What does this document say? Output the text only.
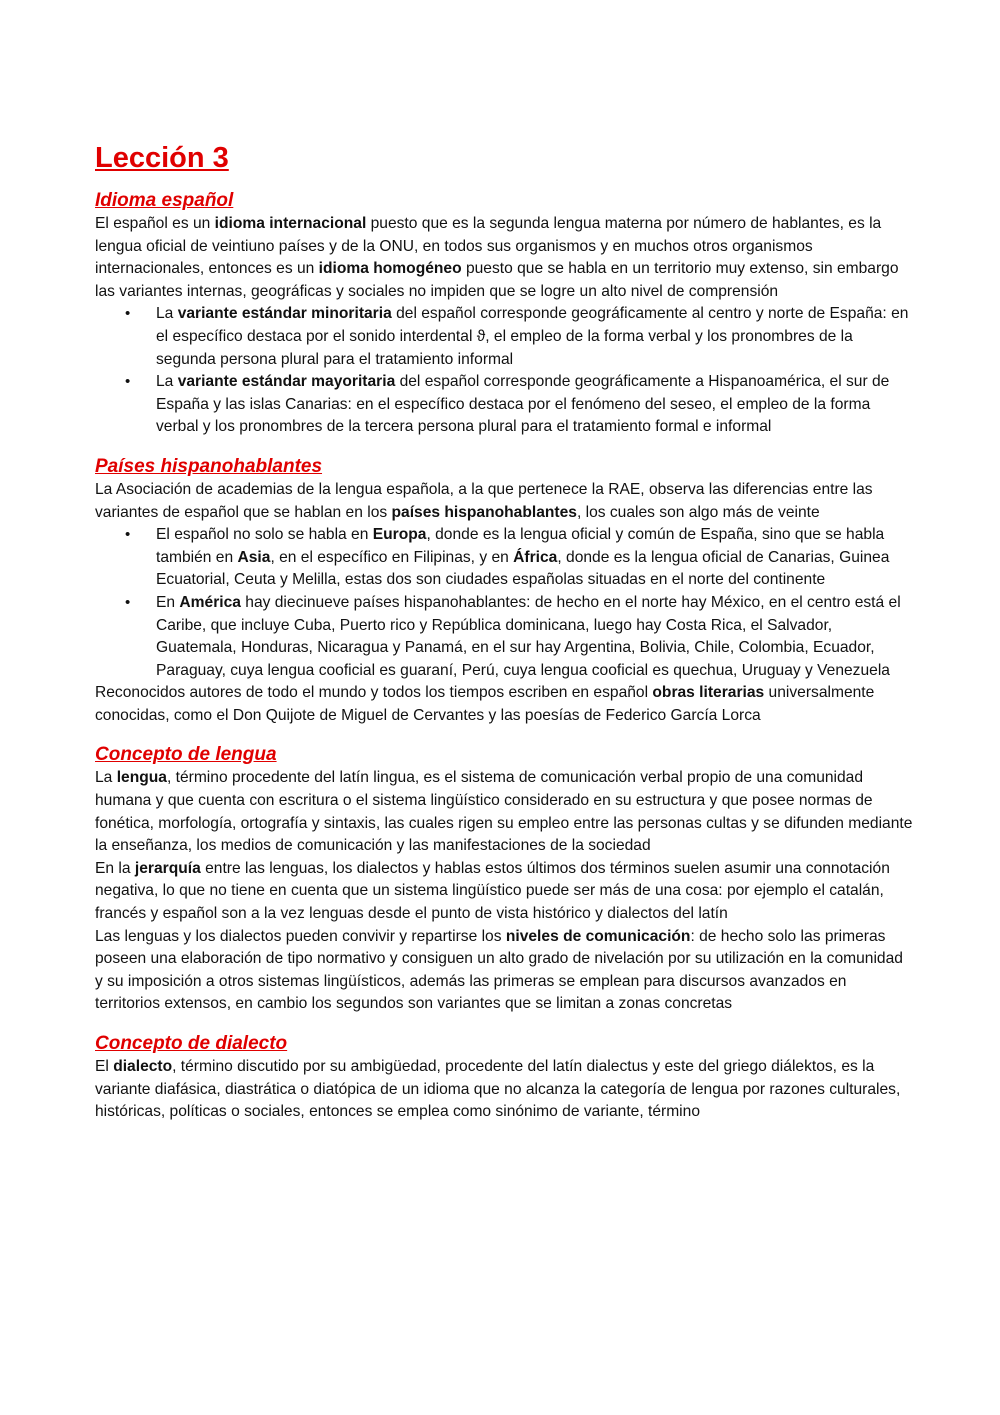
Lección 3
Idioma español

El español es un idioma internacional puesto que es la segunda lengua materna por número de hablantes, es la lengua oficial de veintiuno países y de la ONU, en todos sus organismos y en muchos otros organismos internacionales, entonces es un idioma homogéneo puesto que se habla en un territorio muy extenso, sin embargo las variantes internas, geográficas y sociales no impiden que se logre un alto nivel de comprensión

• La variante estándar minoritaria del español corresponde geográficamente al centro y norte de España: en el específico destaca por el sonido interdental ϑ, el empleo de la forma verbal y los pronombres de la segunda persona plural para el tratamiento informal
• La variante estándar mayoritaria del español corresponde geográficamente a Hispanoamérica, el sur de España y las islas Canarias: en el específico destaca por el fenómeno del seseo, el empleo de la forma verbal y los pronombres de la tercera persona plural para el tratamiento formal e informal
Países hispanohablantes

La Asociación de academias de la lengua española, a la que pertenece la RAE, observa las diferencias entre las variantes de español que se hablan en los países hispanohablantes, los cuales son algo más de veinte

• El español no solo se habla en Europa, donde es la lengua oficial y común de España, sino que se habla también en Asia, en el específico en Filipinas, y en África, donde es la lengua oficial de Canarias, Guinea Ecuatorial, Ceuta y Melilla, estas dos son ciudades españolas situadas en el norte del continente
• En América hay diecinueve países hispanohablantes: de hecho en el norte hay México, en el centro está el Caribe, que incluye Cuba, Puerto rico y República dominicana, luego hay Costa Rica, el Salvador, Guatemala, Honduras, Nicaragua y Panamá, en el sur hay Argentina, Bolivia, Chile, Colombia, Ecuador, Paraguay, cuya lengua cooficial es guaraní, Perú, cuya lengua cooficial es quechua, Uruguay y Venezuela

Reconocidos autores de todo el mundo y todos los tiempos escriben en español obras literarias universalmente conocidas, como el Don Quijote de Miguel de Cervantes y las poesías de Federico García Lorca

Concepto de lengua

La lengua, término procedente del latín lingua, es el sistema de comunicación verbal propio de una comunidad humana y que cuenta con escritura o el sistema lingüístico considerado en su estructura y que posee normas de fonética, morfología, ortografía y sintaxis, las cuales rigen su empleo entre las personas cultas y se difunden mediante la enseñanza, los medios de comunicación y las manifestaciones de la sociedad

En la jerarquía entre las lenguas, los dialectos y hablas estos últimos dos términos suelen asumir una connotación negativa, lo que no tiene en cuenta que un sistema lingüístico puede ser más de una cosa: por ejemplo el catalán, francés y español son a la vez lenguas desde el punto de vista histórico y dialectos del latín

Las lenguas y los dialectos pueden convivir y repartirse los niveles de comunicación: de hecho solo las primeras poseen una elaboración de tipo normativo y consiguen un alto grado de nivelación por su utilización en la comunidad y su imposición a otros sistemas lingüísticos, además las primeras se emplean para discursos avanzados en territorios extensos, en cambio los segundos son variantes que se limitan a zonas concretas

Concepto de dialecto

El dialecto, término discutido por su ambigüedad, procedente del latín dialectus y este del griego diálektos, es la variante diafásica, diastrática o diatópica de un idioma que no alcanza la categoría de lengua por razones culturales, históricas, políticas o sociales, entonces se emplea como sinónimo de variante, término
